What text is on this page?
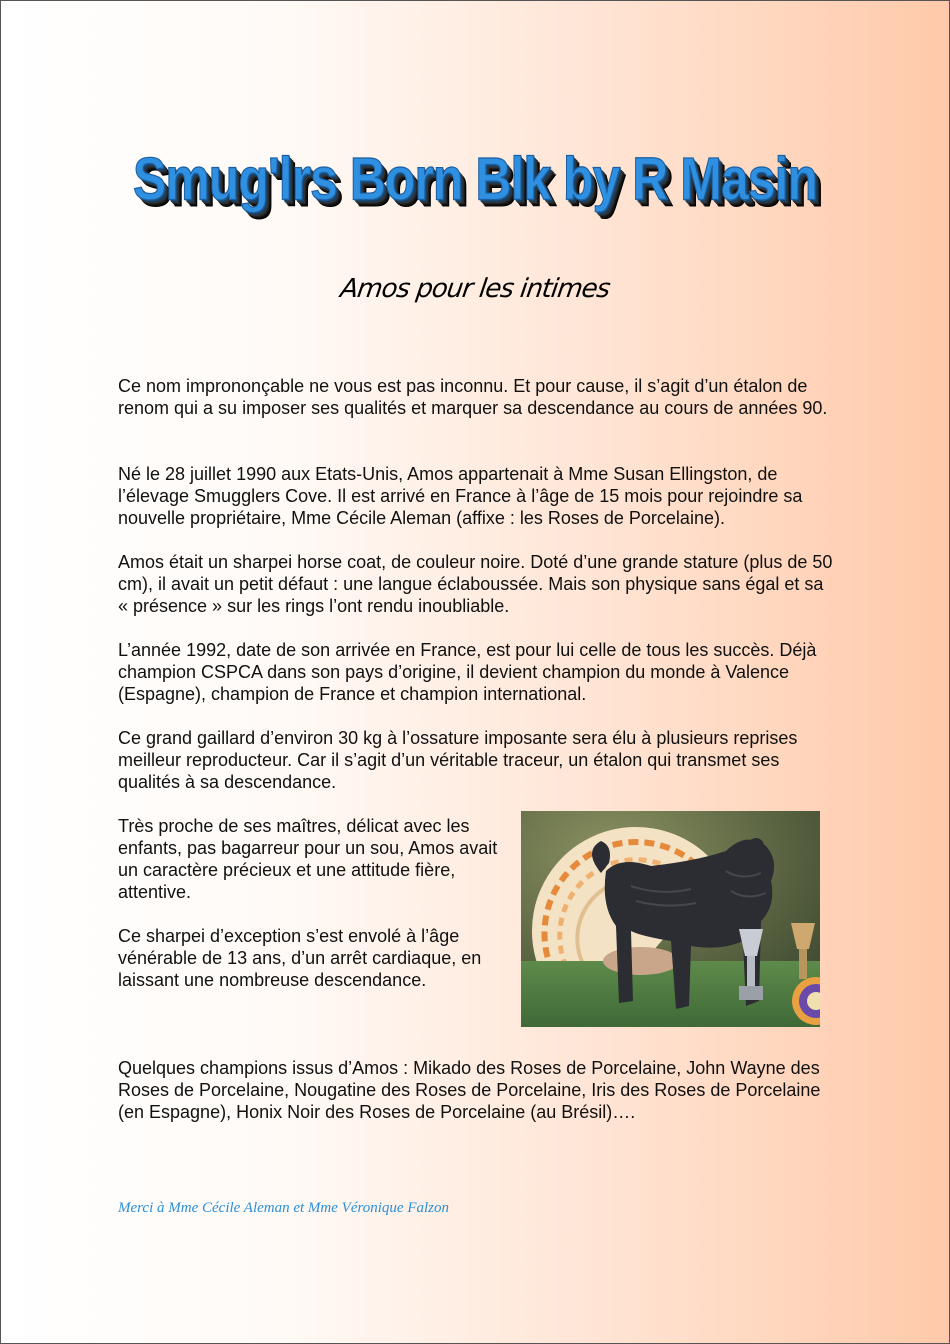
Smug'lrs Born Blk by R Masin
Amos pour les intimes

Ce nom imprononçable ne vous est pas inconnu. Et pour cause, il s’agit d’un étalon de renom qui a su imposer ses qualités et marquer sa descendance au cours de années 90.

Né le 28 juillet 1990 aux Etats-Unis, Amos appartenait à Mme Susan Ellingston, de l’élevage Smugglers Cove. Il est arrivé en France à l’âge de 15 mois pour rejoindre sa nouvelle propriétaire, Mme Cécile Aleman (affixe : les Roses de Porcelaine).

Amos était un sharpei horse coat, de couleur noire. Doté d’une grande stature (plus de 50 cm), il avait un petit défaut : une langue éclaboussée. Mais son physique sans égal et sa « présence » sur les rings l’ont rendu inoubliable.

L’année 1992, date de son arrivée en France, est pour lui celle de tous les succès. Déjà champion CSPCA dans son pays d’origine, il devient champion du monde à Valence (Espagne), champion de France et champion international.

Ce grand gaillard d’environ 30 kg à l’ossature imposante sera élu à plusieurs reprises meilleur reproducteur. Car il s’agit d’un véritable traceur, un étalon qui transmet ses qualités à sa descendance.

Très proche de ses maîtres, délicat avec les enfants, pas bagarreur pour un sou, Amos avait un caractère précieux et une attitude fière, attentive.

Ce sharpei d’exception s’est envolé à l’âge vénérable de 13 ans, d’un arrêt cardiaque, en laissant une nombreuse descendance.

Quelques champions issus d’Amos : Mikado des Roses de Porcelaine, John Wayne des Roses de Porcelaine, Nougatine des Roses de Porcelaine, Iris des Roses de Porcelaine (en Espagne), Honix Noir des Roses de Porcelaine (au Brésil)….

Merci à Mme Cécile Aleman et Mme Véronique Falzon
